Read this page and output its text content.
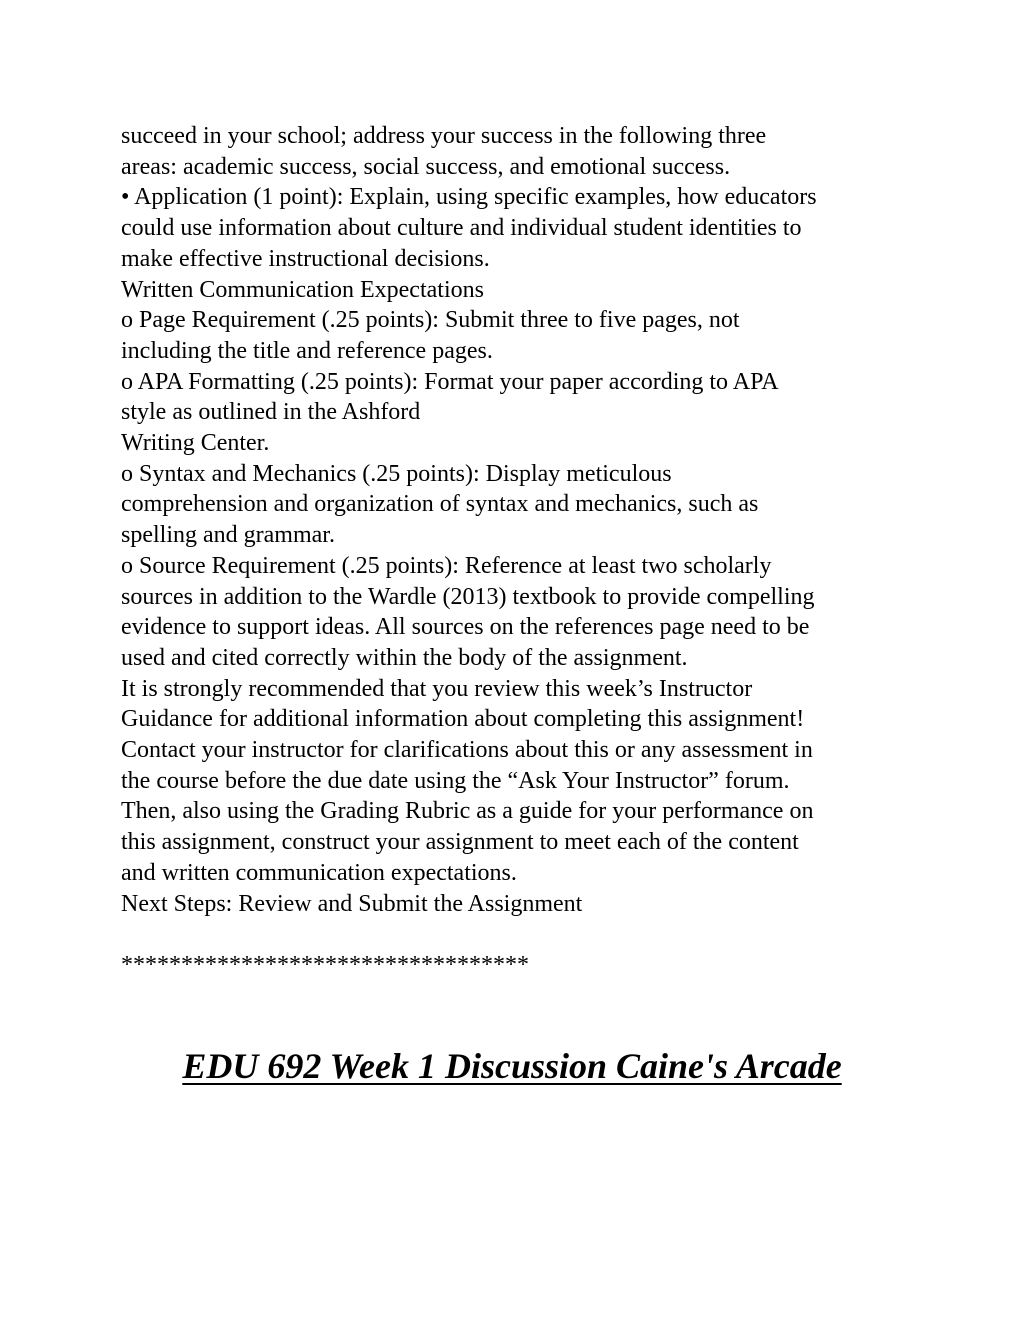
succeed in your school; address your success in the following three
areas: academic success, social success, and emotional success.
• Application (1 point): Explain, using specific examples, how educators
could use information about culture and individual student identities to
make effective instructional decisions.
Written Communication Expectations
o Page Requirement (.25 points): Submit three to five pages, not
including the title and reference pages.
o APA Formatting (.25 points): Format your paper according to APA
style as outlined in the Ashford
Writing Center.
o Syntax and Mechanics (.25 points): Display meticulous
comprehension and organization of syntax and mechanics, such as
spelling and grammar.
o Source Requirement (.25 points): Reference at least two scholarly
sources in addition to the Wardle (2013) textbook to provide compelling
evidence to support ideas. All sources on the references page need to be
used and cited correctly within the body of the assignment.
It is strongly recommended that you review this week’s Instructor
Guidance for additional information about completing this assignment!
Contact your instructor for clarifications about this or any assessment in
the course before the due date using the “Ask Your Instructor” forum.
Then, also using the Grading Rubric as a guide for your performance on
this assignment, construct your assignment to meet each of the content
and written communication expectations.
Next Steps: Review and Submit the Assignment
**********************************
EDU 692 Week 1 Discussion Caine's Arcade
